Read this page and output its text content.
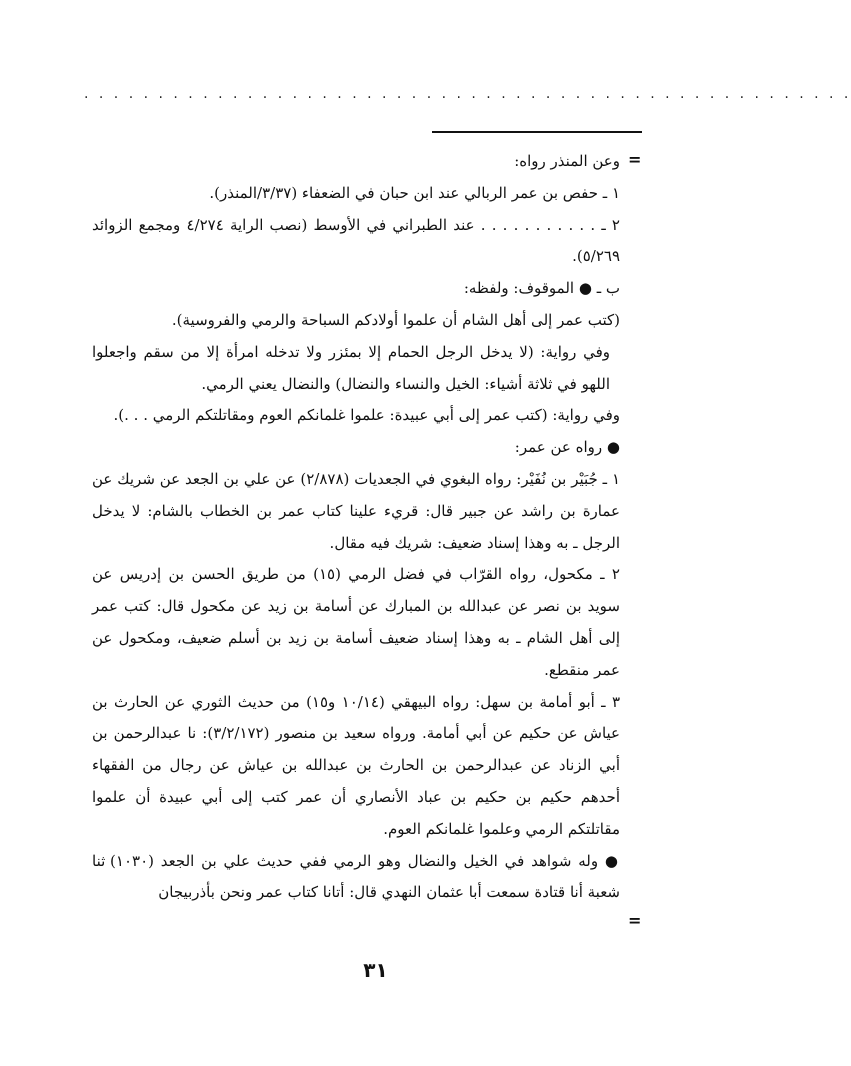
. . . . . . . . . . . . . . . . . . . . . . . . . . . . . . . . . . . . . . . . . . . . . . . . . . . .
=

وعن المنذر رواه:

١ ـ حفص بن عمر الربالي عند ابن حبان في الضعفاء (٣/٣٧/المنذر).

٢ ـ . . . . . . . . . . . عند الطبراني في الأوسط (نصب الراية ٤/٢٧٤ ومجمع الزوائد ٥/٢٦٩).

ب ـ ● الموقوف: ولفظه:

(كتب عمر إلى أهل الشام أن علموا أولادكم السباحة والرمي والفروسية).

وفي رواية: (لا يدخل الرجل الحمام إلا بمئزر ولا تدخله امرأة إلا من سقم واجعلوا اللهو في ثلاثة أشياء: الخيل والنساء والنضال) والنضال يعني الرمي.

وفي رواية: (كتب عمر إلى أبي عبيدة: علموا غلمانكم العوم ومقاتلتكم الرمي . . .).

● رواه عن عمر:

١ ـ جُبَيْر بن نُفَيْر: رواه البغوي في الجعديات (٢/٨٧٨) عن علي بن الجعد عن شريك عن عمارة بن راشد عن جبير قال: قريء علينا كتاب عمر بن الخطاب بالشام: لا يدخل الرجل ـ به وهذا إسناد ضعيف: شريك فيه مقال.

٢ ـ مكحول، رواه القرّاب في فضل الرمي (١٥) من طريق الحسن بن إدريس عن سويد بن نصر عن عبدالله بن المبارك عن أسامة بن زيد عن مكحول قال: كتب عمر إلى أهل الشام ـ به وهذا إسناد ضعيف أسامة بن زيد بن أسلم ضعيف، ومكحول عن عمر منقطع.

٣ ـ أبو أمامة بن سهل: رواه البيهقي (١٠/١٤ و١٥) من حديث الثوري عن الحارث بن عياش عن حكيم عن أبي أمامة. ورواه سعيد بن منصور (٣/٢/١٧٢): نا عبدالرحمن بن أبي الزناد عن عبدالرحمن بن الحارث بن عبدالله بن عياش عن رجال من الفقهاء أحدهم حكيم بن حكيم بن عباد الأنصاري أن عمر كتب إلى أبي عبيدة أن علموا مقاتلتكم الرمي وعلموا غلمانكم العوم.

● وله شواهد في الخيل والنضال وهو الرمي ففي حديث علي بن الجعد (١٠٣٠) ثنا شعبة أنا قتادة سمعت أبا عثمان النهدي قال: أتانا كتاب عمر ونحن بأذربيجان

=
٣١
